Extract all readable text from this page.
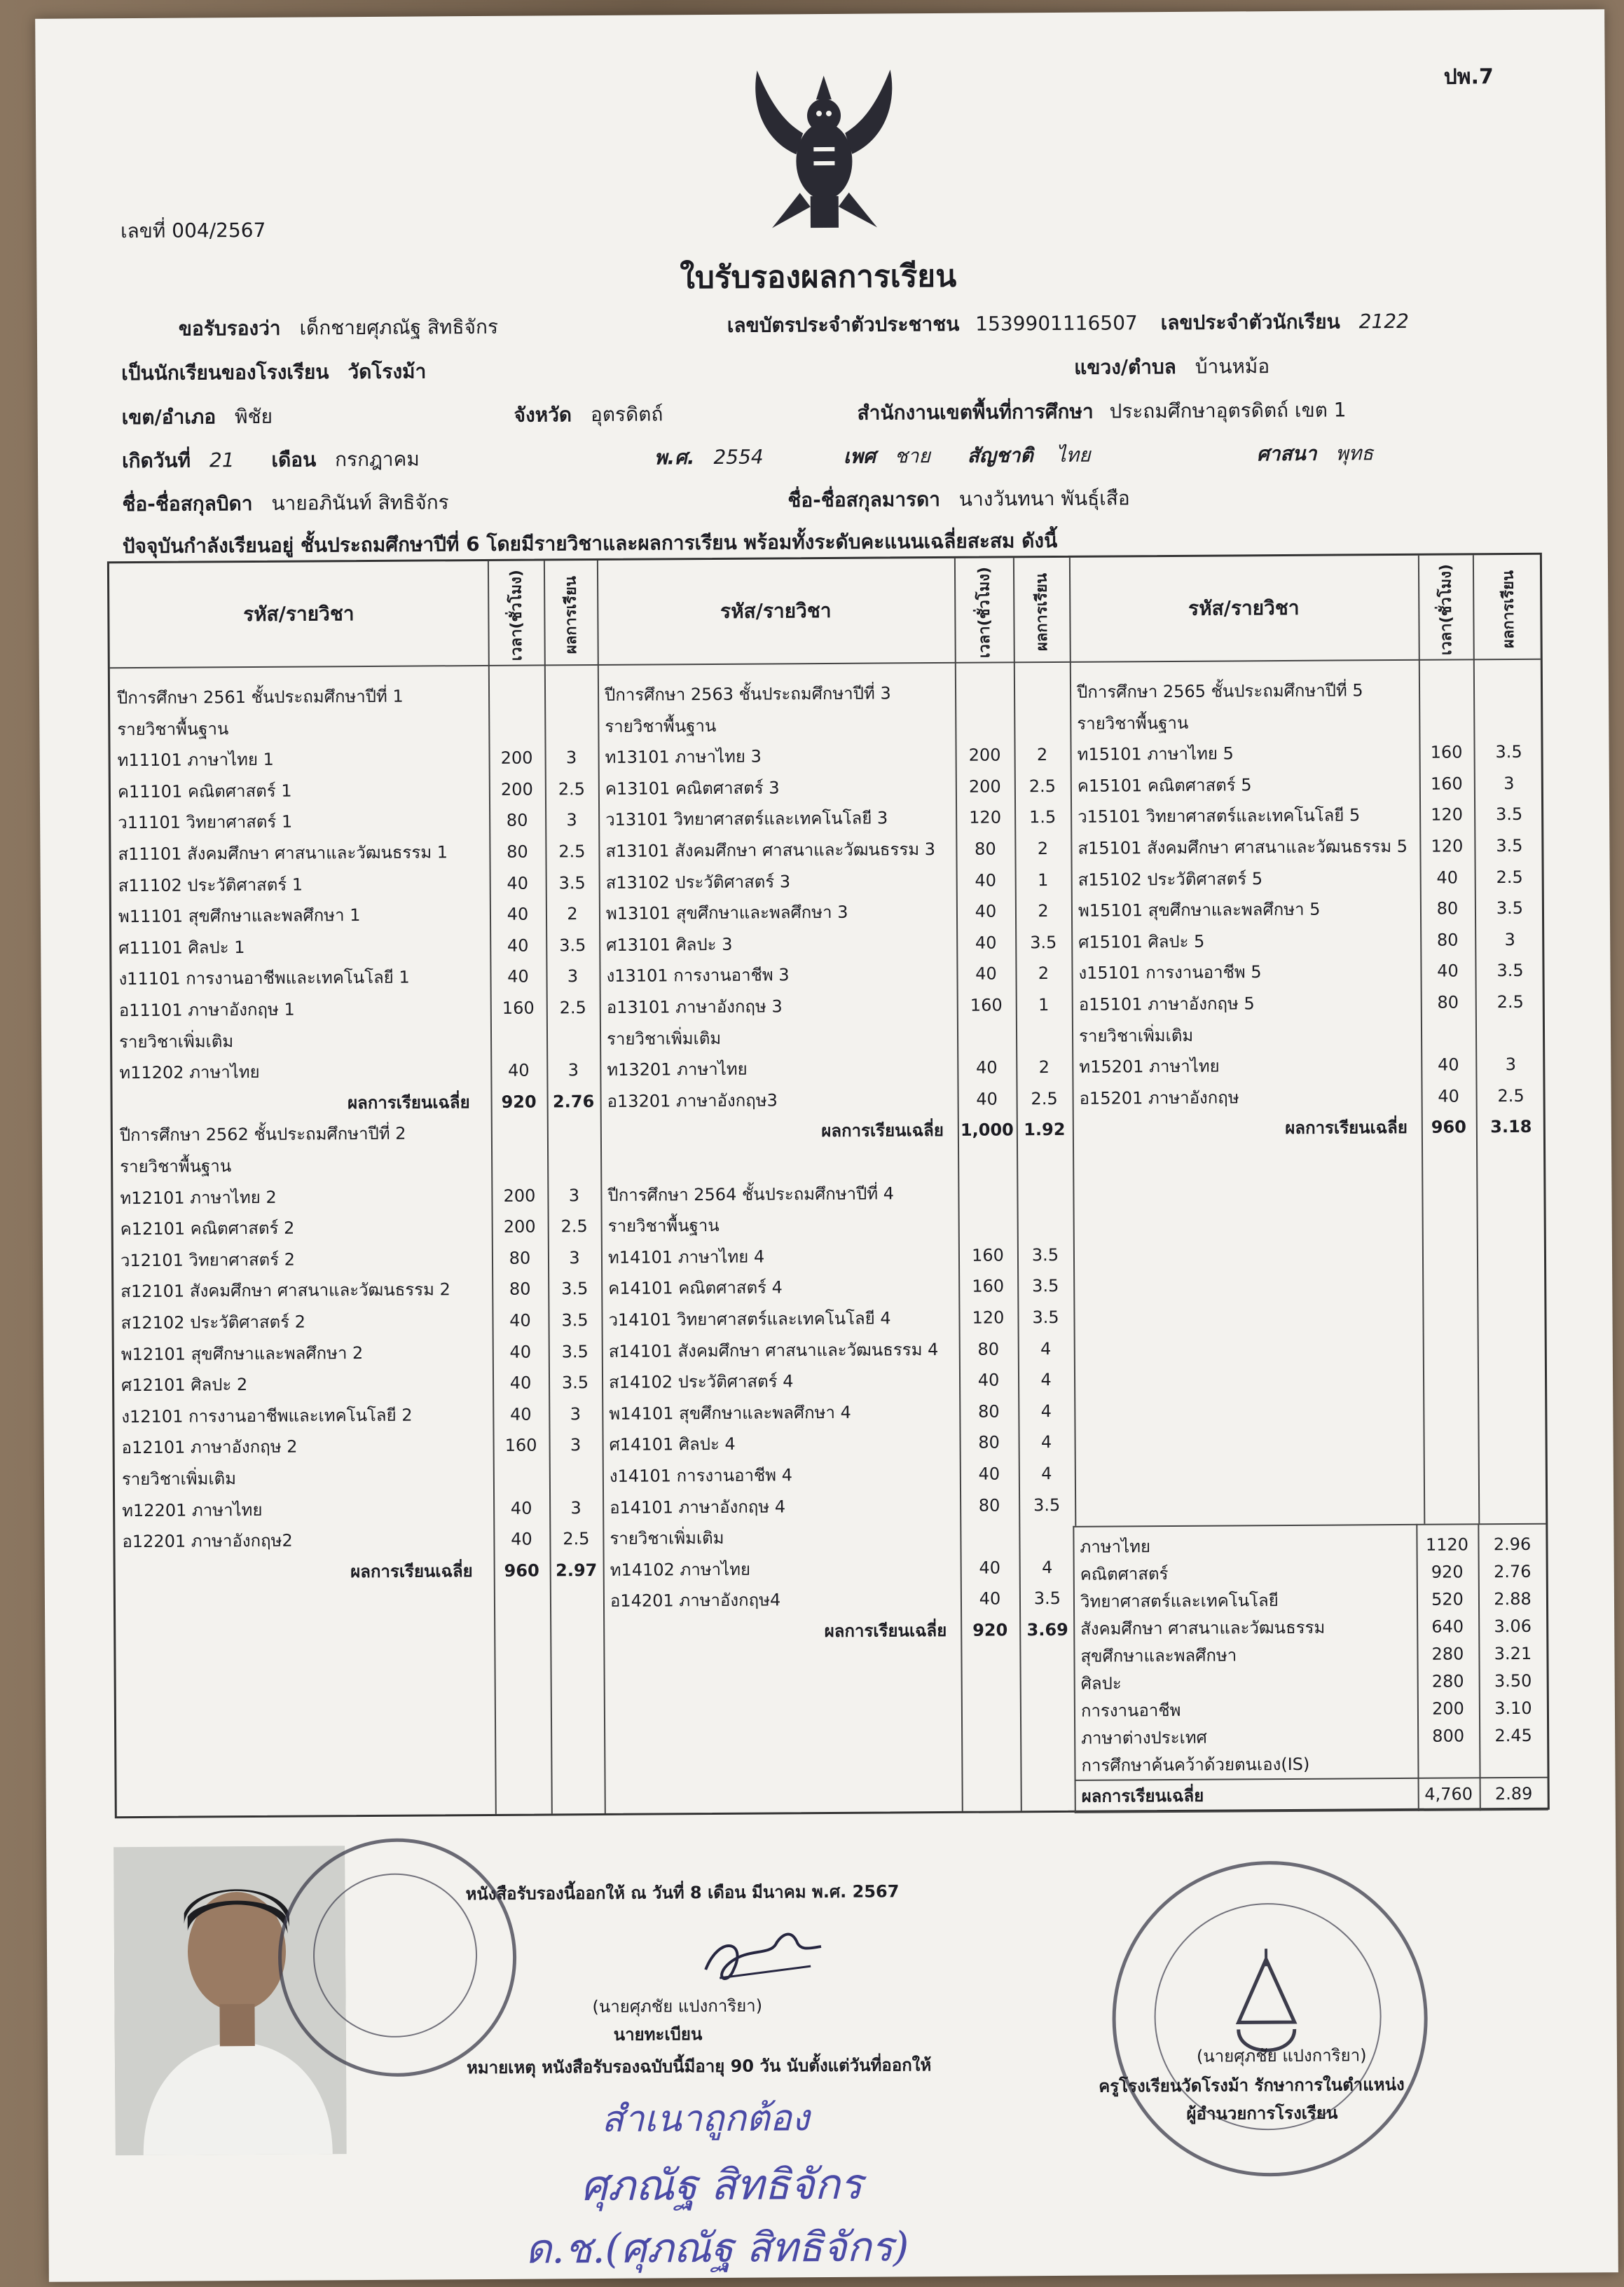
ปพ.7
เลขที่ 004/2567
ใบรับรองผลการเรียน
ขอรับรองว่า เด็กชายศุภณัฐ สิทธิจักร	เลขบัตรประจำตัวประชาชน 1539901116507 เลขประจำตัวนักเรียน 2122
เป็นนักเรียนของโรงเรียน วัดโรงม้า	แขวง/ตำบล บ้านหม้อ
เขต/อำเภอ พิชัย	จังหวัด อุตรดิตถ์	สำนักงานเขตพื้นที่การศึกษา ประถมศึกษาอุตรดิตถ์ เขต 1
เกิดวันที่ 21 เดือน กรกฎาคม	พ.ศ. 2554	เพศ ชาย สัญชาติ ไทย	ศาสนา พุทธ
ชื่อ-ชื่อสกุลบิดา นายอภินันท์ สิทธิจักร	ชื่อ-ชื่อสกุลมารดา นางวันทนา พันธุ์เสือ
ปัจจุบันกำลังเรียนอยู่ ชั้นประถมศึกษาปีที่ 6 โดยมีรายวิชาและผลการเรียน พร้อมทั้งระดับคะแนนเฉลี่ยสะสม ดังนี้
รหัส/รายวิชา	เวลา(ชั่วโมง) ผลการเรียน	รหัส/รายวิชา	เวลา(ชั่วโมง)	ผลการเรียน	รหัส/รายวิชา	เวลา(ชั่วโมง)	ผลการเรียน
ปีการศึกษา 2561 ชั้นประถมศึกษาปีที่ 1
รายวิชาพื้นฐาน
ท11101 ภาษาไทย 1	200	3
ค11101 คณิตศาสตร์ 1	200	2.5
ว11101 วิทยาศาสตร์ 1	80	3
ส11101 สังคมศึกษา ศาสนาและวัฒนธรรม 1	80	2.5
ส11102 ประวัติศาสตร์ 1	40	3.5
พ11101 สุขศึกษาและพลศึกษา 1	40	2
ศ11101 ศิลปะ 1	40	3.5
ง11101 การงานอาชีพและเทคโนโลยี 1	40	3
อ11101 ภาษาอังกฤษ 1	160	2.5
รายวิชาเพิ่มเติม
ท11202 ภาษาไทย	40	3
ผลการเรียนเฉลี่ย	920 2.76
ปีการศึกษา 2562 ชั้นประถมศึกษาปีที่ 2
รายวิชาพื้นฐาน
ท12101 ภาษาไทย 2	200	3
ค12101 คณิตศาสตร์ 2	200	2.5
ว12101 วิทยาศาสตร์ 2	80	3
ส12101 สังคมศึกษา ศาสนาและวัฒนธรรม 2	80	3.5
ส12102 ประวัติศาสตร์ 2	40	3.5
พ12101 สุขศึกษาและพลศึกษา 2	40	3.5
ศ12101 ศิลปะ 2	40	3.5
ง12101 การงานอาชีพและเทคโนโลยี 2	40	3
อ12101 ภาษาอังกฤษ 2	160	3
รายวิชาเพิ่มเติม
ท12201 ภาษาไทย	40	3
อ12201 ภาษาอังกฤษ2	40	2.5
ผลการเรียนเฉลี่ย	960 2.97
ปีการศึกษา 2563 ชั้นประถมศึกษาปีที่ 3
รายวิชาพื้นฐาน
ท13101 ภาษาไทย 3	200	2
ค13101 คณิตศาสตร์ 3	200	2.5
ว13101 วิทยาศาสตร์และเทคโนโลยี 3	120	1.5
ส13101 สังคมศึกษา ศาสนาและวัฒนธรรม 3	80	2
ส13102 ประวัติศาสตร์ 3	40	1
พ13101 สุขศึกษาและพลศึกษา 3	40	2
ศ13101 ศิลปะ 3	40	3.5
ง13101 การงานอาชีพ 3	40	2
อ13101 ภาษาอังกฤษ 3	160	1
รายวิชาเพิ่มเติม
ท13201 ภาษาไทย	40	2
อ13201 ภาษาอังกฤษ3	40	2.5
ผลการเรียนเฉลี่ย 1,000 1.92
ปีการศึกษา 2564 ชั้นประถมศึกษาปีที่ 4
รายวิชาพื้นฐาน
ท14101 ภาษาไทย 4	160	3.5
ค14101 คณิตศาสตร์ 4	160	3.5
ว14101 วิทยาศาสตร์และเทคโนโลยี 4	120	3.5
ส14101 สังคมศึกษา ศาสนาและวัฒนธรรม 4	80	4
ส14102 ประวัติศาสตร์ 4	40	4
พ14101 สุขศึกษาและพลศึกษา 4	80	4
ศ14101 ศิลปะ 4	80	4
ง14101 การงานอาชีพ 4	40	4
อ14101 ภาษาอังกฤษ 4	80	3.5
รายวิชาเพิ่มเติม
ท14102 ภาษาไทย	40	4
อ14201 ภาษาอังกฤษ4	40	3.5
ผลการเรียนเฉลี่ย	920	3.69
ปีการศึกษา 2565 ชั้นประถมศึกษาปีที่ 5
รายวิชาพื้นฐาน
ท15101 ภาษาไทย 5	160	3.5
ค15101 คณิตศาสตร์ 5	160	3
ว15101 วิทยาศาสตร์และเทคโนโลยี 5	120	3.5
ส15101 สังคมศึกษา ศาสนาและวัฒนธรรม 5	120	3.5
ส15102 ประวัติศาสตร์ 5	40	2.5
พ15101 สุขศึกษาและพลศึกษา 5	80	3.5
ศ15101 ศิลปะ 5	80	3
ง15101 การงานอาชีพ 5	40	3.5
อ15101 ภาษาอังกฤษ 5	80	2.5
รายวิชาเพิ่มเติม
ท15201 ภาษาไทย	40	3
อ15201 ภาษาอังกฤษ	40	2.5
ผลการเรียนเฉลี่ย	960	3.18
ภาษาไทย	1120	2.96
คณิตศาสตร์	920	2.76
วิทยาศาสตร์และเทคโนโลยี	520	2.88
สังคมศึกษา ศาสนาและวัฒนธรรม	640	3.06
สุขศึกษาและพลศึกษา	280	3.21
ศิลปะ	280	3.50
การงานอาชีพ	200	3.10
ภาษาต่างประเทศ	800	2.45
การศึกษาค้นคว้าด้วยตนเอง(IS)
ผลการเรียนเฉลี่ย	4,760	2.89
หนังสือรับรองนี้ออกให้ ณ วันที่ 8 เดือน มีนาคม พ.ศ. 2567
(นายศุภชัย แปงการิยา)
นายทะเบียน
หมายเหตุ หนังสือรับรองฉบับนี้มีอายุ 90 วัน นับตั้งแต่วันที่ออกให้	(นายศุภชัย แปงการิยา)
ครูโรงเรียนวัดโรงม้า รักษาการในตำแหน่ง
ผู้อำนวยการโรงเรียน
สำเนาถูกต้อง
ศุภณัฐ สิทธิจักร
ด.ช.(ศุภณัฐ สิทธิจักร)
